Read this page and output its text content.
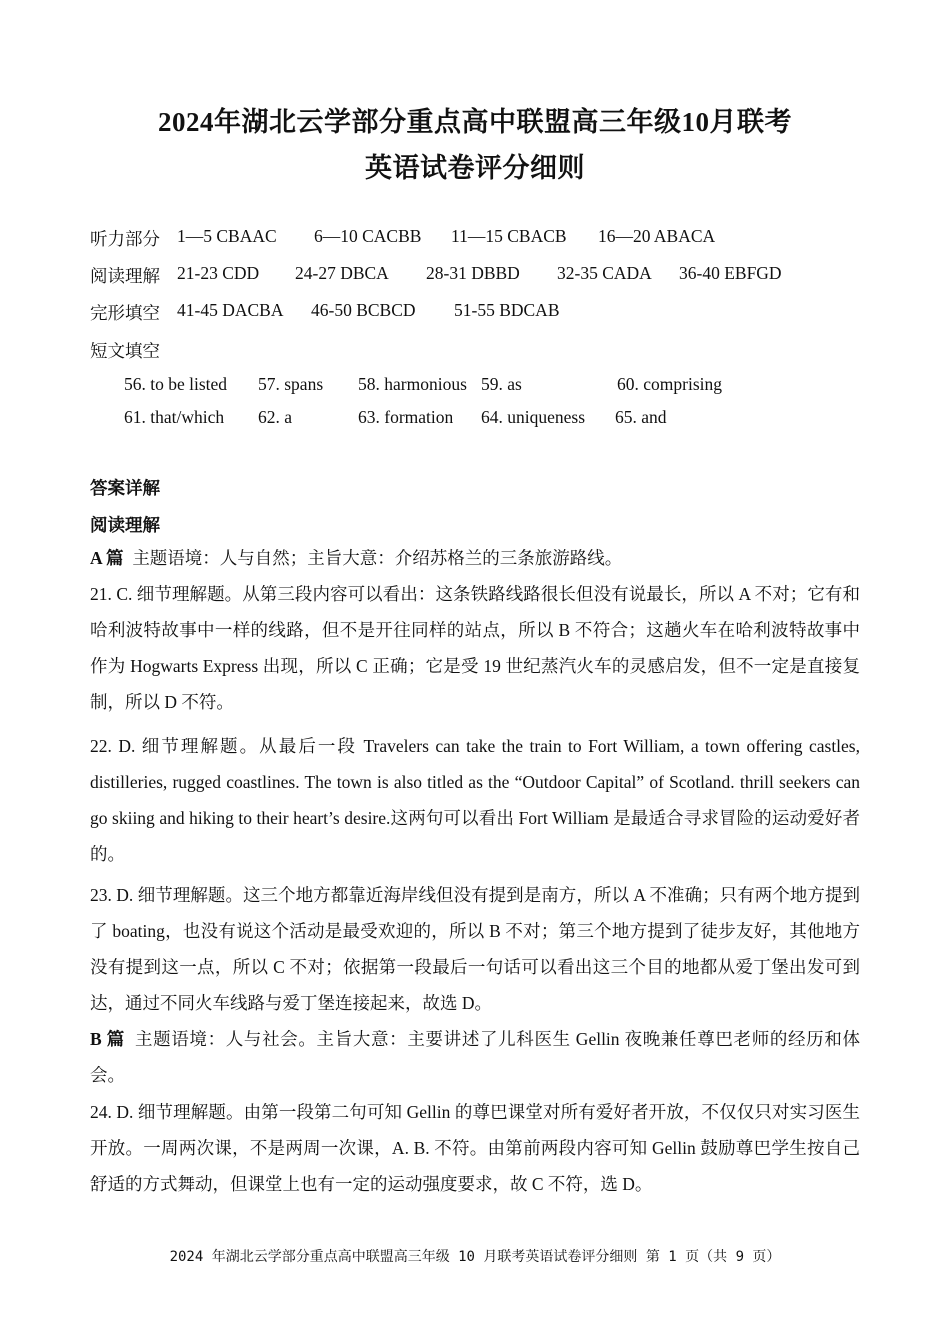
2024年湖北云学部分重点高中联盟高三年级10月联考
英语试卷评分细则
听力部分 1—5 CBAAC 6—10 CACBB 11—15 CBACB 16—20 ABACA
阅读理解 21-23 CDD 24-27 DBCA 28-31 DBBD 32-35 CADA 36-40 EBFGD
完形填空 41-45 DACBA 46-50 BCBCD 51-55 BDCAB
短文填空
56. to be listed 57. spans 58. harmonious 59. as	60. comprising
61. that/which 62. a	63. formation 64. uniqueness 65. and
答案详解
阅读理解
A 篇 主题语境：人与自然；主旨大意：介绍苏格兰的三条旅游路线。
21. C. 细节理解题。从第三段内容可以看出：这条铁路线路很长但没有说最长，所以 A 不对；它有和哈利波特故事中一样的线路，但不是开往同样的站点，所以 B 不符合；这趟火车在哈利波特故事中作为 Hogwarts Express 出现，所以 C 正确；它是受 19 世纪蒸汽火车的灵感启发，但不一定是直接复制，所以 D 不符。
22. D. 细节理解题。从最后一段 Travelers can take the train to Fort William, a town offering castles, distilleries, rugged coastlines. The town is also titled as the “Outdoor Capital” of Scotland. thrill seekers can go skiing and hiking to their heart’s desire.这两句可以看出 Fort William 是最适合寻求冒险的运动爱好者的。
23. D. 细节理解题。这三个地方都靠近海岸线但没有提到是南方，所以 A 不准确；只有两个地方提到了 boating，也没有说这个活动是最受欢迎的，所以 B 不对；第三个地方提到了徒步友好，其他地方没有提到这一点，所以 C 不对；依据第一段最后一句话可以看出这三个目的地都从爱丁堡出发可到达，通过不同火车线路与爱丁堡连接起来，故选 D。
B 篇 主题语境：人与社会。主旨大意：主要讲述了儿科医生 Gellin 夜晚兼任尊巴老师的经历和体会。
24. D. 细节理解题。由第一段第二句可知 Gellin 的尊巴课堂对所有爱好者开放，不仅仅只对实习医生开放。一周两次课，不是两周一次课，A. B. 不符。由第前两段内容可知 Gellin 鼓励尊巴学生按自己舒适的方式舞动，但课堂上也有一定的运动强度要求，故 C 不符，选 D。
2024 年湖北云学部分重点高中联盟高三年级 10 月联考英语试卷评分细则 第 1 页（共 9 页）
